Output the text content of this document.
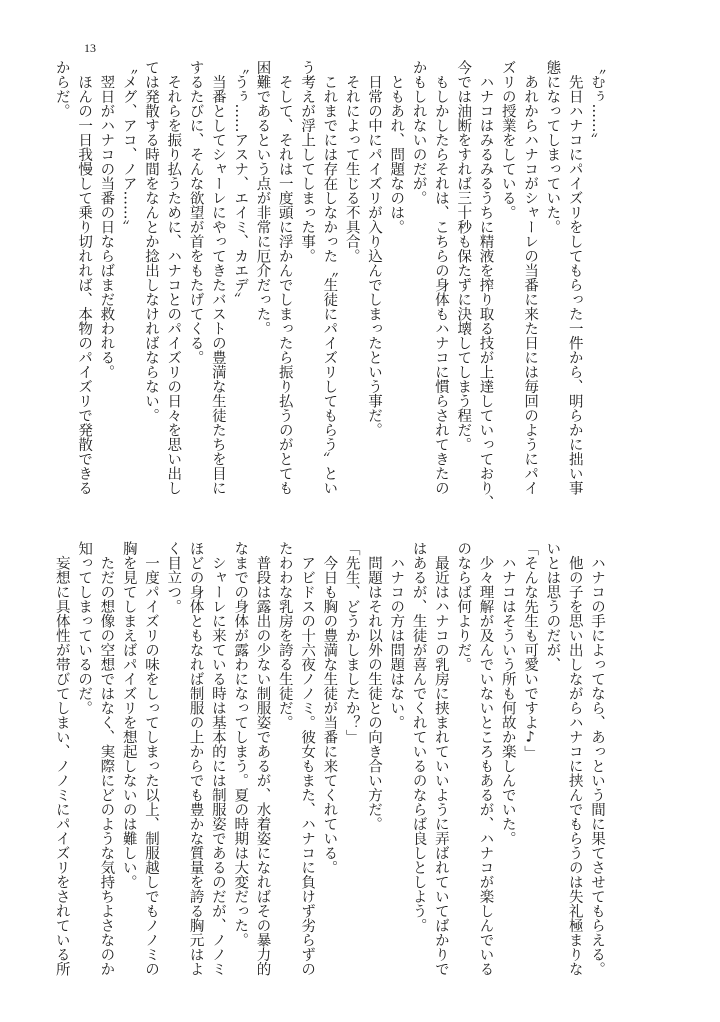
13
〝むぅ……〟
　先日ハナコにパイズリをしてもらった一件から、明らかに拙い事
態になってしまっていた。
　あれからハナコがシャーレの当番に来た日には毎回のようにパイ
ズリの授業をしている。
　ハナコはみるみるうちに精液を搾り取る技が上達していっており、
今では油断をすれば三十秒も保たずに決壊してしまう程だ。
　もしかしたらそれは、こちらの身体もハナコに慣らされてきたの
かもしれないのだが。
　ともあれ、問題なのは。
　日常の中にパイズリが入り込んでしまったという事だ。
　それによって生じる不具合。
　これまでには存在しなかった〝生徒にパイズリしてもらう〟とい
う考えが浮上してしまった事。
　そして、それは一度頭に浮かんでしまったら振り払うのがとても
困難であるという点が非常に厄介だった。
〝うぅ……アスナ、エイミ、カエデ〟
　当番としてシャーレにやってきたバストの豊満な生徒たちを目に
するたびに、そんな欲望が首をもたげてくる。
　それらを振り払うために、ハナコとのパイズリの日々を思い出し
ては発散する時間をなんとか捻出しなければならない。
〝メグ、アコ、ノア……〟
　翌日がハナコの当番の日ならばまだ救われる。
　ほんの一日我慢して乗り切れれば、本物のパイズリで発散できる
からだ。
　ハナコの手によってなら、あっという間に果てさせてもらえる。
　他の子を思い出しながらハナコに挟んでもらうのは失礼極まりな
いとは思うのだが、
「そんな先生も可愛いですよ♪」
　ハナコはそういう所も何故か楽しんでいた。
　少々理解が及んでいないところもあるが、ハナコが楽しんでいる
のならば何よりだ。
　最近はハナコの乳房に挟まれていいように弄ばれていてばかりで
はあるが、生徒が喜んでくれているのならば良しとしよう。
　ハナコの方は問題はない。
　問題はそれ以外の生徒との向き合い方だ。
「先生、どうかしましたか？」
　今日も胸の豊満な生徒が当番に来てくれている。
　アビドスの十六夜ノノミ。彼女もまた、ハナコに負けず劣らずの
たわわな乳房を誇る生徒だ。
　普段は露出の少ない制服姿であるが、水着姿になればその暴力的
なまでの身体が露わになってしまう。夏の時期は大変だった。
　シャーレに来ている時は基本的には制服姿であるのだが、ノノミ
ほどの身体ともなれば制服の上からでも豊かな質量を誇る胸元はよ
く目立つ。
　一度パイズリの味をしってしまった以上、制服越しでもノノミの
胸を見てしまえばパイズリを想起しないのは難しい。
　ただの想像の空想ではなく、実際にどのような気持ちよさなのか
知ってしまっているのだ。
　妄想に具体性が帯びてしまい、ノノミにパイズリをされている所
